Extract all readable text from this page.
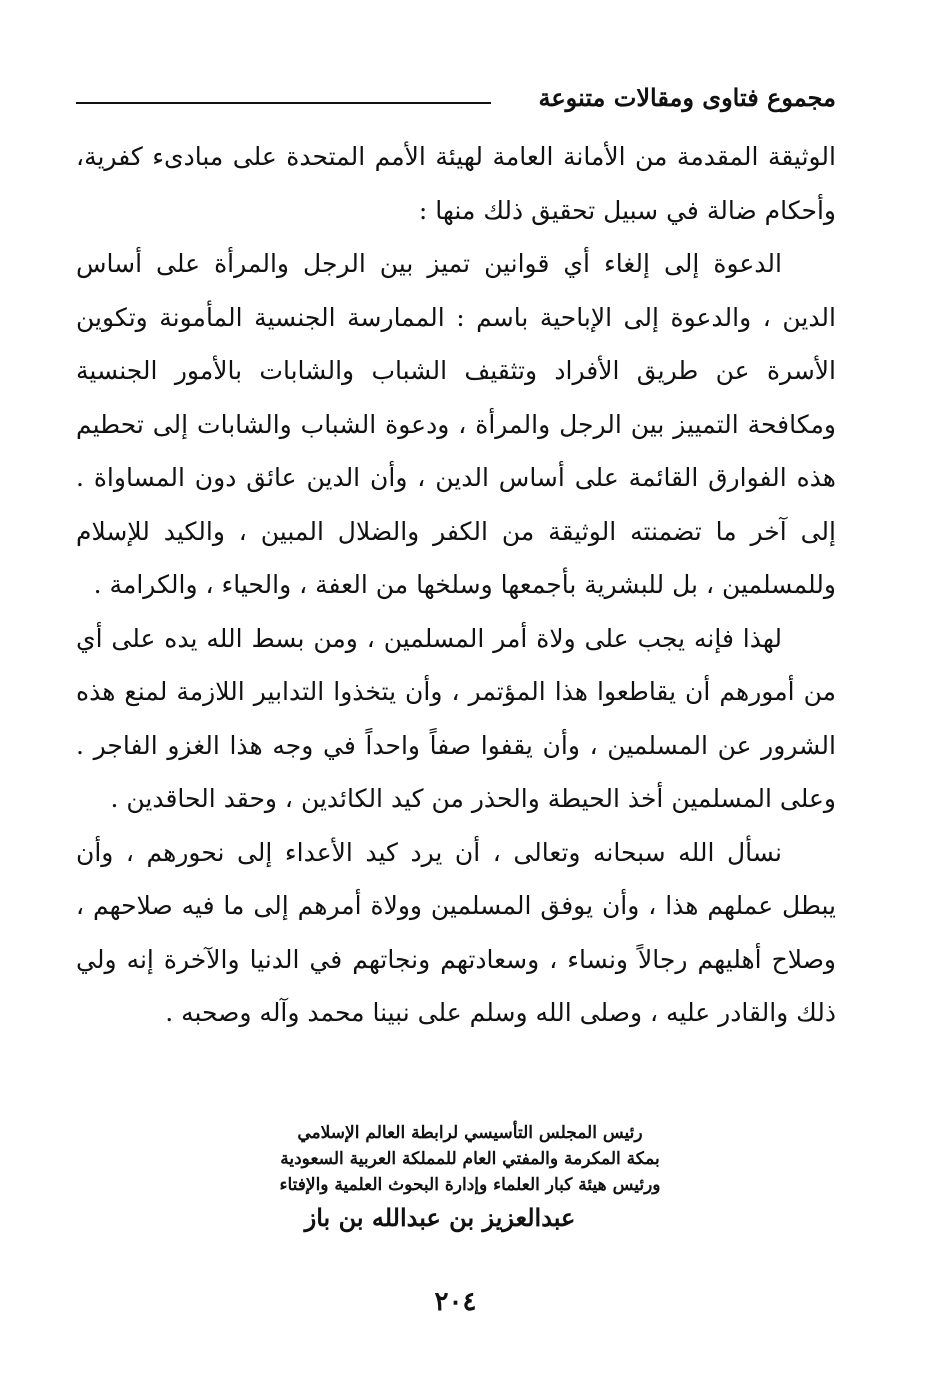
مجموع فتاوى ومقالات متنوعة

الوثيقة المقدمة من الأمانة العامة لهيئة الأمم المتحدة على مبادىء كفرية، وأحكام ضالة في سبيل تحقيق ذلك منها :

الدعوة إلى إلغاء أي قوانين تميز بين الرجل والمرأة على أساس الدين ، والدعوة إلى الإباحية باسم : الممارسة الجنسية المأمونة وتكوين الأسرة عن طريق الأفراد وتثقيف الشباب والشابات بالأمور الجنسية ومكافحة التمييز بين الرجل والمرأة ، ودعوة الشباب والشابات إلى تحطيم هذه الفوارق القائمة على أساس الدين ، وأن الدين عائق دون المساواة . إلى آخر ما تضمنته الوثيقة من الكفر والضلال المبين ، والكيد للإسلام وللمسلمين ، بل للبشرية بأجمعها وسلخها من العفة ، والحياء ، والكرامة .

لهذا فإنه يجب على ولاة أمر المسلمين ، ومن بسط الله يده على أي من أمورهم أن يقاطعوا هذا المؤتمر ، وأن يتخذوا التدابير اللازمة لمنع هذه الشرور عن المسلمين ، وأن يقفوا صفاً واحداً في وجه هذا الغزو الفاجر . وعلى المسلمين أخذ الحيطة والحذر من كيد الكائدين ، وحقد الحاقدين .

نسأل الله سبحانه وتعالى ، أن يرد كيد الأعداء إلى نحورهم ، وأن يبطل عملهم هذا ، وأن يوفق المسلمين وولاة أمرهم إلى ما فيه صلاحهم ، وصلاح أهليهم رجالاً ونساء ، وسعادتهم ونجاتهم في الدنيا والآخرة إنه ولي ذلك والقادر عليه ، وصلى الله وسلم على نبينا محمد وآله وصحبه .

رئيس المجلس التأسيسي لرابطة العالم الإسلامي
بمكة المكرمة والمفتي العام للمملكة العربية السعودية
ورئيس هيئة كبار العلماء وإدارة البحوث العلمية والإفتاء
عبدالعزيز بن عبدالله بن باز
٢٠٤
